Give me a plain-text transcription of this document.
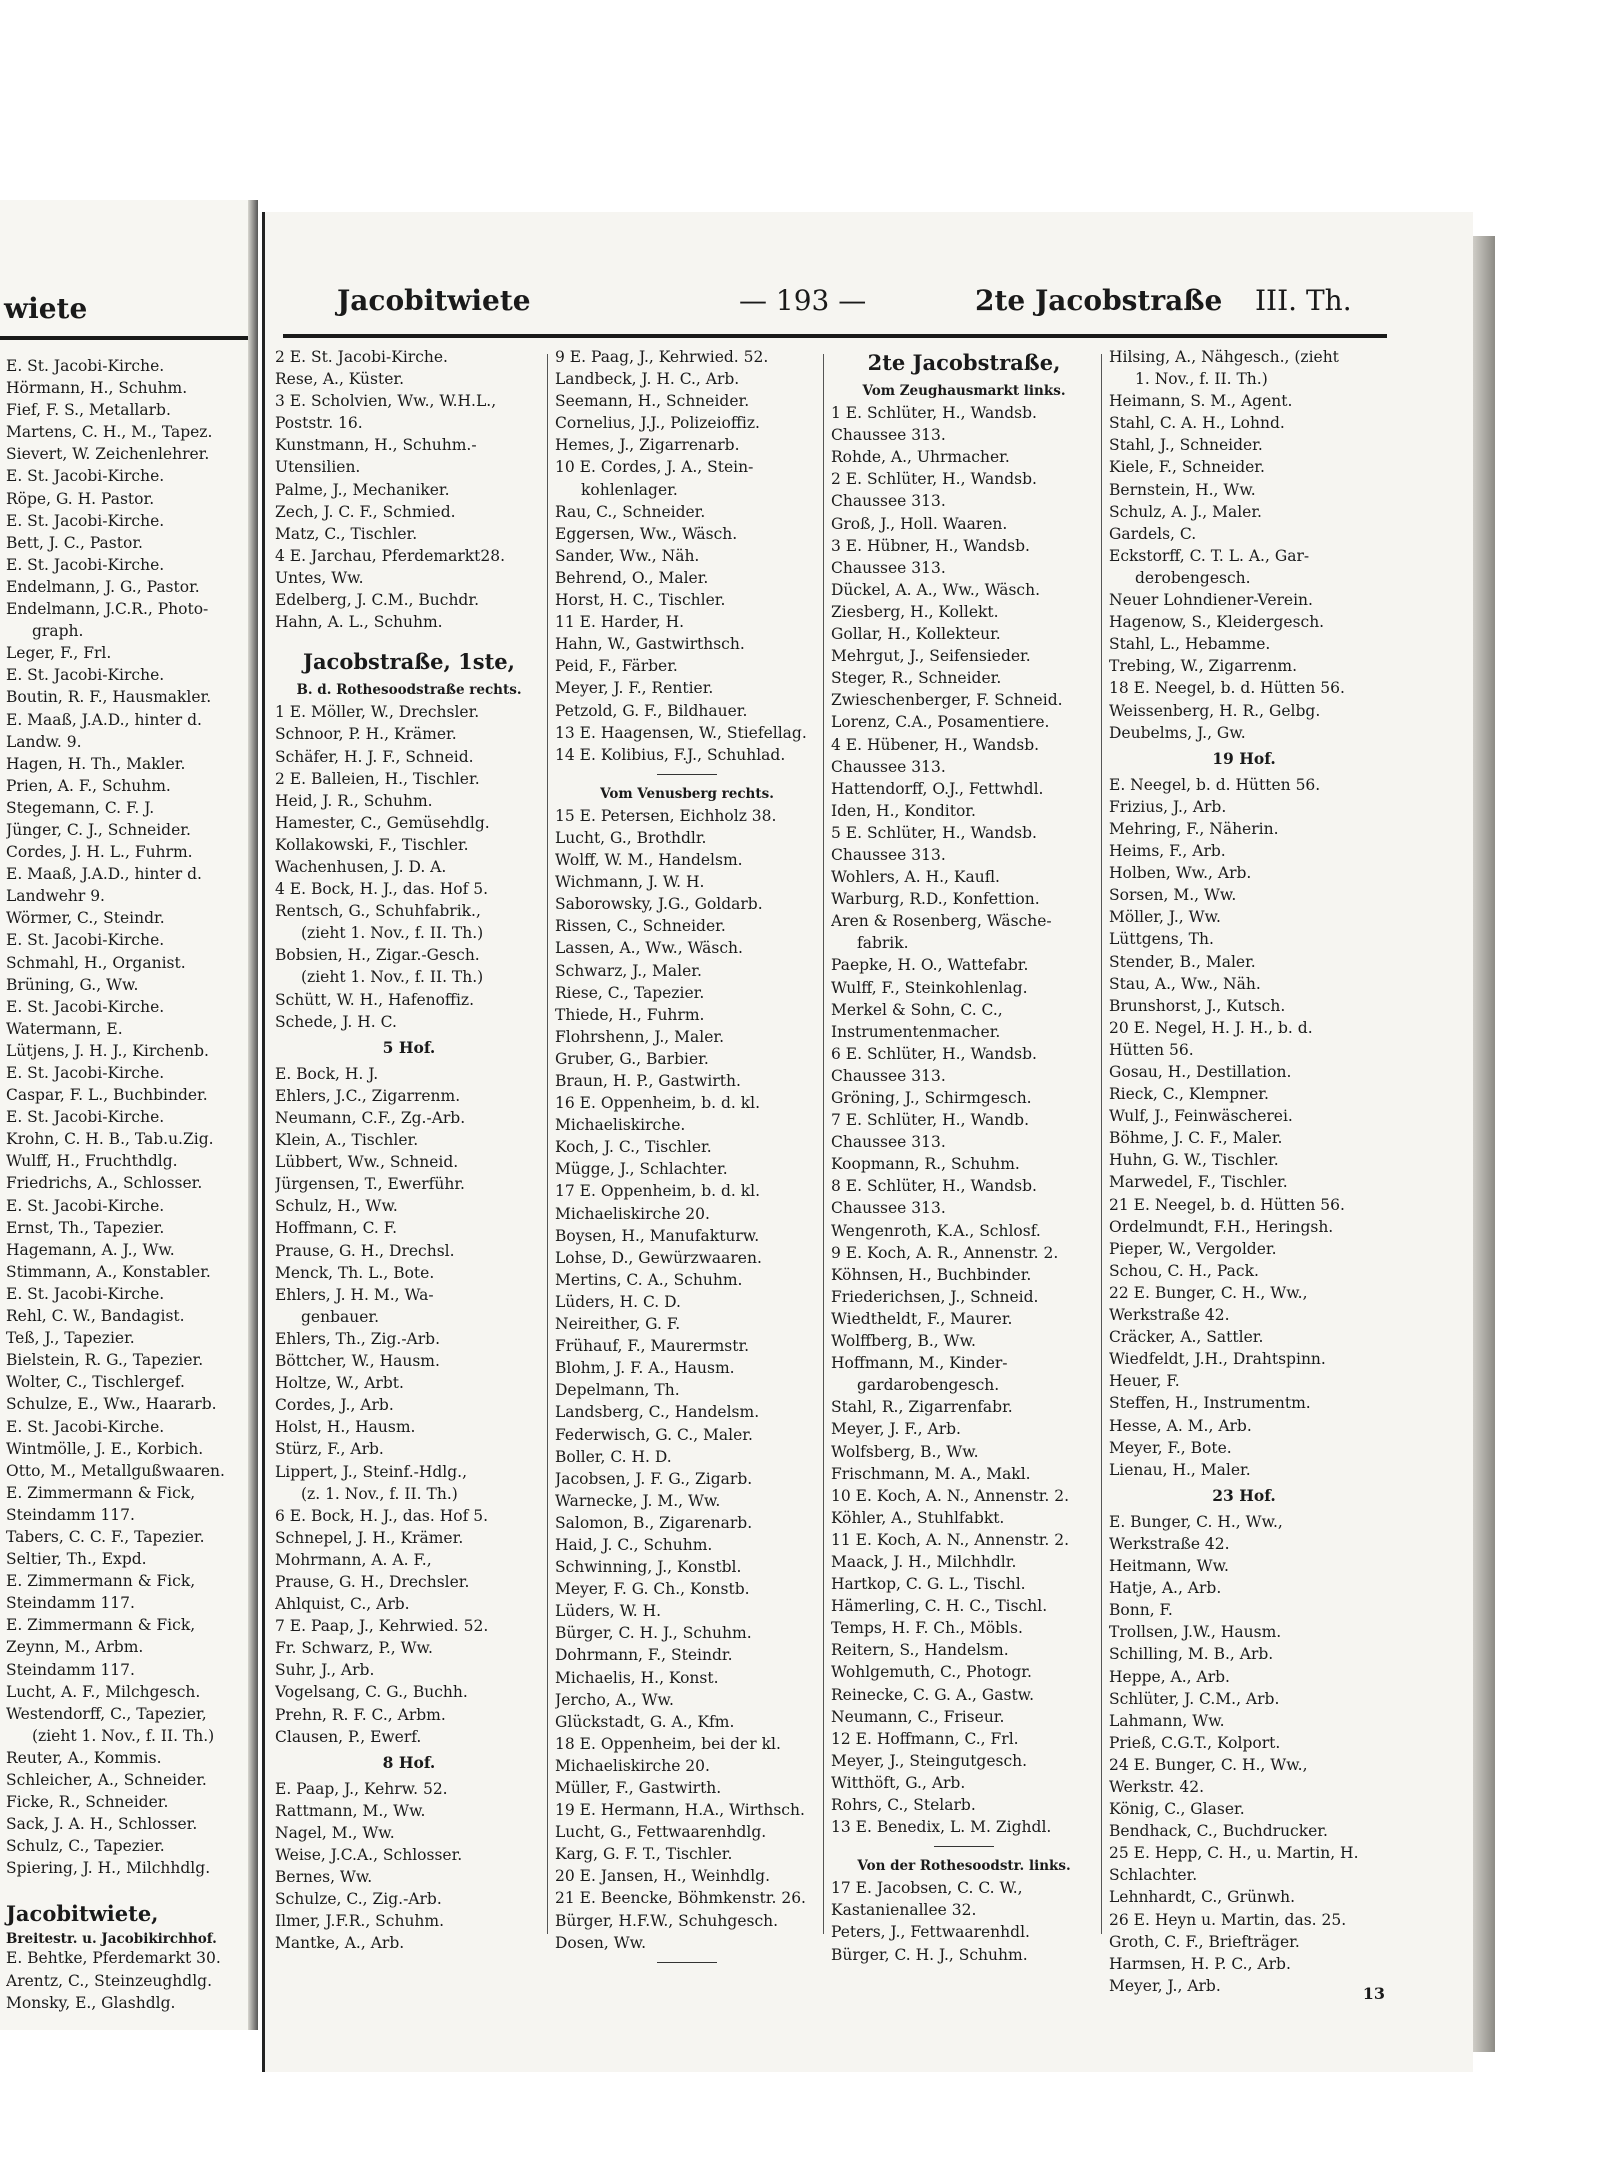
wiete
E. St. Jacobi-Kirche.
Hörmann, H., Schuhm.
Fief, F. S., Metallarb.
Martens, C. H., M., Tapez.
Sievert, W. Zeichenlehrer.
E. St. Jacobi-Kirche.
Röpe, G. H. Pastor.
E. St. Jacobi-Kirche.
Bett, J. C., Pastor.
E. St. Jacobi-Kirche.
Endelmann, J. G., Pastor.
Endelmann, J.C.R., Photo-
graph.
Leger, F., Frl.
E. St. Jacobi-Kirche.
Boutin, R. F., Hausmakler.
E. Maaß, J.A.D., hinter d.
Landw. 9.
Hagen, H. Th., Makler.
Prien, A. F., Schuhm.
Stegemann, C. F. J.
Jünger, C. J., Schneider.
Cordes, J. H. L., Fuhrm.
E. Maaß, J.A.D., hinter d.
Landwehr 9.
Wörmer, C., Steindr.
E. St. Jacobi-Kirche.
Schmahl, H., Organist.
Brüning, G., Ww.
E. St. Jacobi-Kirche.
Watermann, E.
Lütjens, J. H. J., Kirchenb.
E. St. Jacobi-Kirche.
Caspar, F. L., Buchbinder.
E. St. Jacobi-Kirche.
Krohn, C. H. B., Tab.u.Zig.
Wulff, H., Fruchthdlg.
Friedrichs, A., Schlosser.
E. St. Jacobi-Kirche.
Ernst, Th., Tapezier.
Hagemann, A. J., Ww.
Stimmann, A., Konstabler.
E. St. Jacobi-Kirche.
Rehl, C. W., Bandagist.
Teß, J., Tapezier.
Bielstein, R. G., Tapezier.
Wolter, C., Tischlergef.
Schulze, E., Ww., Haararb.
E. St. Jacobi-Kirche.
Wintmölle, J. E., Korbich.
Otto, M., Metallgußwaaren.
E. Zimmermann & Fick,
Steindamm 117.
Tabers, C. C. F., Tapezier.
Seltier, Th., Expd.
E. Zimmermann & Fick,
Steindamm 117.
E. Zimmermann & Fick,
Zeynn, M., Arbm.
Steindamm 117.
Lucht, A. F., Milchgesch.
Westendorff, C., Tapezier,
(zieht 1. Nov., f. II. Th.)
Reuter, A., Kommis.
Schleicher, A., Schneider.
Ficke, R., Schneider.
Sack, J. A. H., Schlosser.
Schulz, C., Tapezier.
Spiering, J. H., Milchhdlg.
Jacobitwiete,
Breitestr. u. Jacobikirchhof.
E. Behtke, Pferdemarkt 30.
Arentz, C., Steinzeughdlg.
Monsky, E., Glashdlg.
Jacobitwiete	— 193 —	2te Jacobstraße III. Th.
2 E. St. Jacobi-Kirche.
Rese, A., Küster.
3 E. Scholvien, Ww., W.H.L.,
Poststr. 16.
Kunstmann, H., Schuhm.-
Utensilien.
Palme, J., Mechaniker.
Zech, J. C. F., Schmied.
Matz, C., Tischler.
4 E. Jarchau, Pferdemarkt28.
Untes, Ww.
Edelberg, J. C.M., Buchdr.
Hahn, A. L., Schuhm.
Jacobstraße, 1ste,
B. d. Rothesoodstraße rechts.
1 E. Möller, W., Drechsler.
Schnoor, P. H., Krämer.
Schäfer, H. J. F., Schneid.
2 E. Balleien, H., Tischler.
Heid, J. R., Schuhm.
Hamester, C., Gemüsehdlg.
Kollakowski, F., Tischler.
Wachenhusen, J. D. A.
4 E. Bock, H. J., das. Hof 5.
Rentsch, G., Schuhfabrik.,
(zieht 1. Nov., f. II. Th.)
Bobsien, H., Zigar.-Gesch.
(zieht 1. Nov., f. II. Th.)
Schütt, W. H., Hafenoffiz.
Schede, J. H. C.
5 Hof.
E. Bock, H. J.
Ehlers, J.C., Zigarrenm.
Neumann, C.F., Zg.-Arb.
Klein, A., Tischler.
Lübbert, Ww., Schneid.
Jürgensen, T., Ewerführ.
Schulz, H., Ww.
Hoffmann, C. F.
Prause, G. H., Drechsl.
Menck, Th. L., Bote.
Ehlers, J. H. M., Wa-
genbauer.
Ehlers, Th., Zig.-Arb.
Böttcher, W., Hausm.
Holtze, W., Arbt.
Cordes, J., Arb.
Holst, H., Hausm.
Stürz, F., Arb.
Lippert, J., Steinf.-Hdlg.,
(z. 1. Nov., f. II. Th.)
6 E. Bock, H. J., das. Hof 5.
Schnepel, J. H., Krämer.
Mohrmann, A. A. F.,
Prause, G. H., Drechsler.
Ahlquist, C., Arb.
7 E. Paap, J., Kehrwied. 52.
Fr. Schwarz, P., Ww.
Suhr, J., Arb.
Vogelsang, C. G., Buchh.
Prehn, R. F. C., Arbm.
Clausen, P., Ewerf.
8 Hof.
E. Paap, J., Kehrw. 52.
Rattmann, M., Ww.
Nagel, M., Ww.
Weise, J.C.A., Schlosser.
Bernes, Ww.
Schulze, C., Zig.-Arb.
Ilmer, J.F.R., Schuhm.
Mantke, A., Arb.
9 E. Paag, J., Kehrwied. 52.
Landbeck, J. H. C., Arb.
Seemann, H., Schneider.
Cornelius, J.J., Polizeioffiz.
Hemes, J., Zigarrenarb.
10 E. Cordes, J. A., Stein-
kohlenlager.
Rau, C., Schneider.
Eggersen, Ww., Wäsch.
Sander, Ww., Näh.
Behrend, O., Maler.
Horst, H. C., Tischler.
11 E. Harder, H.
Hahn, W., Gastwirthsch.
Peid, F., Färber.
Meyer, J. F., Rentier.
Petzold, G. F., Bildhauer.
13 E. Haagensen, W., Stiefellag.
14 E. Kolibius, F.J., Schuhlad.
Vom Venusberg rechts.
15 E. Petersen, Eichholz 38.
Lucht, G., Brothdlr.
Wolff, W. M., Handelsm.
Wichmann, J. W. H.
Saborowsky, J.G., Goldarb.
Rissen, C., Schneider.
Lassen, A., Ww., Wäsch.
Schwarz, J., Maler.
Riese, C., Tapezier.
Thiede, H., Fuhrm.
Flohrshenn, J., Maler.
Gruber, G., Barbier.
Braun, H. P., Gastwirth.
16 E. Oppenheim, b. d. kl.
Michaeliskirche.
Koch, J. C., Tischler.
Mügge, J., Schlachter.
17 E. Oppenheim, b. d. kl.
Michaeliskirche 20.
Boysen, H., Manufakturw.
Lohse, D., Gewürzwaaren.
Mertins, C. A., Schuhm.
Lüders, H. C. D.
Neireither, G. F.
Frühauf, F., Maurermstr.
Blohm, J. F. A., Hausm.
Depelmann, Th.
Landsberg, C., Handelsm.
Federwisch, G. C., Maler.
Boller, C. H. D.
Jacobsen, J. F. G., Zigarb.
Warnecke, J. M., Ww.
Salomon, B., Zigarenarb.
Haid, J. C., Schuhm.
Schwinning, J., Konstbl.
Meyer, F. G. Ch., Konstb.
Lüders, W. H.
Bürger, C. H. J., Schuhm.
Dohrmann, F., Steindr.
Michaelis, H., Konst.
Jercho, A., Ww.
Glückstadt, G. A., Kfm.
18 E. Oppenheim, bei der kl.
Michaeliskirche 20.
Müller, F., Gastwirth.
19 E. Hermann, H.A., Wirthsch.
Lucht, G., Fettwaarenhdlg.
Karg, G. F. T., Tischler.
20 E. Jansen, H., Weinhdlg.
21 E. Beencke, Böhmkenstr. 26.
Bürger, H.F.W., Schuhgesch.
Dosen, Ww.
2te Jacobstraße,
Vom Zeughausmarkt links.
1 E. Schlüter, H., Wandsb.
Chaussee 313.
Rohde, A., Uhrmacher.
2 E. Schlüter, H., Wandsb.
Chaussee 313.
Groß, J., Holl. Waaren.
3 E. Hübner, H., Wandsb.
Chaussee 313.
Dückel, A. A., Ww., Wäsch.
Ziesberg, H., Kollekt.
Gollar, H., Kollekteur.
Mehrgut, J., Seifensieder.
Steger, R., Schneider.
Zwieschenberger, F. Schneid.
Lorenz, C.A., Posamentiere.
4 E. Hübener, H., Wandsb.
Chaussee 313.
Hattendorff, O.J., Fettwhdl.
Iden, H., Konditor.
5 E. Schlüter, H., Wandsb.
Chaussee 313.
Wohlers, A. H., Kaufl.
Warburg, R.D., Konfettion.
Aren & Rosenberg, Wäsche-
fabrik.
Paepke, H. O., Wattefabr.
Wulff, F., Steinkohlenlag.
Merkel & Sohn, C. C.,
Instrumentenmacher.
6 E. Schlüter, H., Wandsb.
Chaussee 313.
Gröning, J., Schirmgesch.
7 E. Schlüter, H., Wandb.
Chaussee 313.
Koopmann, R., Schuhm.
8 E. Schlüter, H., Wandsb.
Chaussee 313.
Wengenroth, K.A., Schlosf.
9 E. Koch, A. R., Annenstr. 2.
Köhnsen, H., Buchbinder.
Friederichsen, J., Schneid.
Wiedtheldt, F., Maurer.
Wolffberg, B., Ww.
Hoffmann, M., Kinder-
gardarobengesch.
Stahl, R., Zigarrenfabr.
Meyer, J. F., Arb.
Wolfsberg, B., Ww.
Frischmann, M. A., Makl.
10 E. Koch, A. N., Annenstr. 2.
Köhler, A., Stuhlfabkt.
11 E. Koch, A. N., Annenstr. 2.
Maack, J. H., Milchhdlr.
Hartkop, C. G. L., Tischl.
Hämerling, C. H. C., Tischl.
Temps, H. F. Ch., Möbls.
Reitern, S., Handelsm.
Wohlgemuth, C., Photogr.
Reinecke, C. G. A., Gastw.
Neumann, C., Friseur.
12 E. Hoffmann, C., Frl.
Meyer, J., Steingutgesch.
Witthöft, G., Arb.
Rohrs, C., Stelarb.
13 E. Benedix, L. M. Zighdl.
Von der Rothesoodstr. links.
17 E. Jacobsen, C. C. W.,
Kastanienallee 32.
Peters, J., Fettwaarenhdl.
Bürger, C. H. J., Schuhm.
Hilsing, A., Nähgesch., (zieht
1. Nov., f. II. Th.)
Heimann, S. M., Agent.
Stahl, C. A. H., Lohnd.
Stahl, J., Schneider.
Kiele, F., Schneider.
Bernstein, H., Ww.
Schulz, A. J., Maler.
Gardels, C.
Eckstorff, C. T. L. A., Gar-
derobengesch.
Neuer Lohndiener-Verein.
Hagenow, S., Kleidergesch.
Stahl, L., Hebamme.
Trebing, W., Zigarrenm.
18 E. Neegel, b. d. Hütten 56.
Weissenberg, H. R., Gelbg.
Deubelms, J., Gw.
19 Hof.
E. Neegel, b. d. Hütten 56.
Frizius, J., Arb.
Mehring, F., Näherin.
Heims, F., Arb.
Holben, Ww., Arb.
Sorsen, M., Ww.
Möller, J., Ww.
Lüttgens, Th.
Stender, B., Maler.
Stau, A., Ww., Näh.
Brunshorst, J., Kutsch.
20 E. Negel, H. J. H., b. d.
Hütten 56.
Gosau, H., Destillation.
Rieck, C., Klempner.
Wulf, J., Feinwäscherei.
Böhme, J. C. F., Maler.
Huhn, G. W., Tischler.
Marwedel, F., Tischler.
21 E. Neegel, b. d. Hütten 56.
Ordelmundt, F.H., Heringsh.
Pieper, W., Vergolder.
Schou, C. H., Pack.
22 E. Bunger, C. H., Ww.,
Werkstraße 42.
Cräcker, A., Sattler.
Wiedfeldt, J.H., Drahtspinn.
Heuer, F.
Steffen, H., Instrumentm.
Hesse, A. M., Arb.
Meyer, F., Bote.
Lienau, H., Maler.
23 Hof.
E. Bunger, C. H., Ww.,
Werkstraße 42.
Heitmann, Ww.
Hatje, A., Arb.
Bonn, F.
Trollsen, J.W., Hausm.
Schilling, M. B., Arb.
Heppe, A., Arb.
Schlüter, J. C.M., Arb.
Lahmann, Ww.
Prieß, C.G.T., Kolport.
24 E. Bunger, C. H., Ww.,
Werkstr. 42.
König, C., Glaser.
Bendhack, C., Buchdrucker.
25 E. Hepp, C. H., u. Martin, H.
Schlachter.
Lehnhardt, C., Grünwh.
26 E. Heyn u. Martin, das. 25.
Groth, C. F., Briefträger.
Harmsen, H. P. C., Arb.
Meyer, J., Arb.	13
